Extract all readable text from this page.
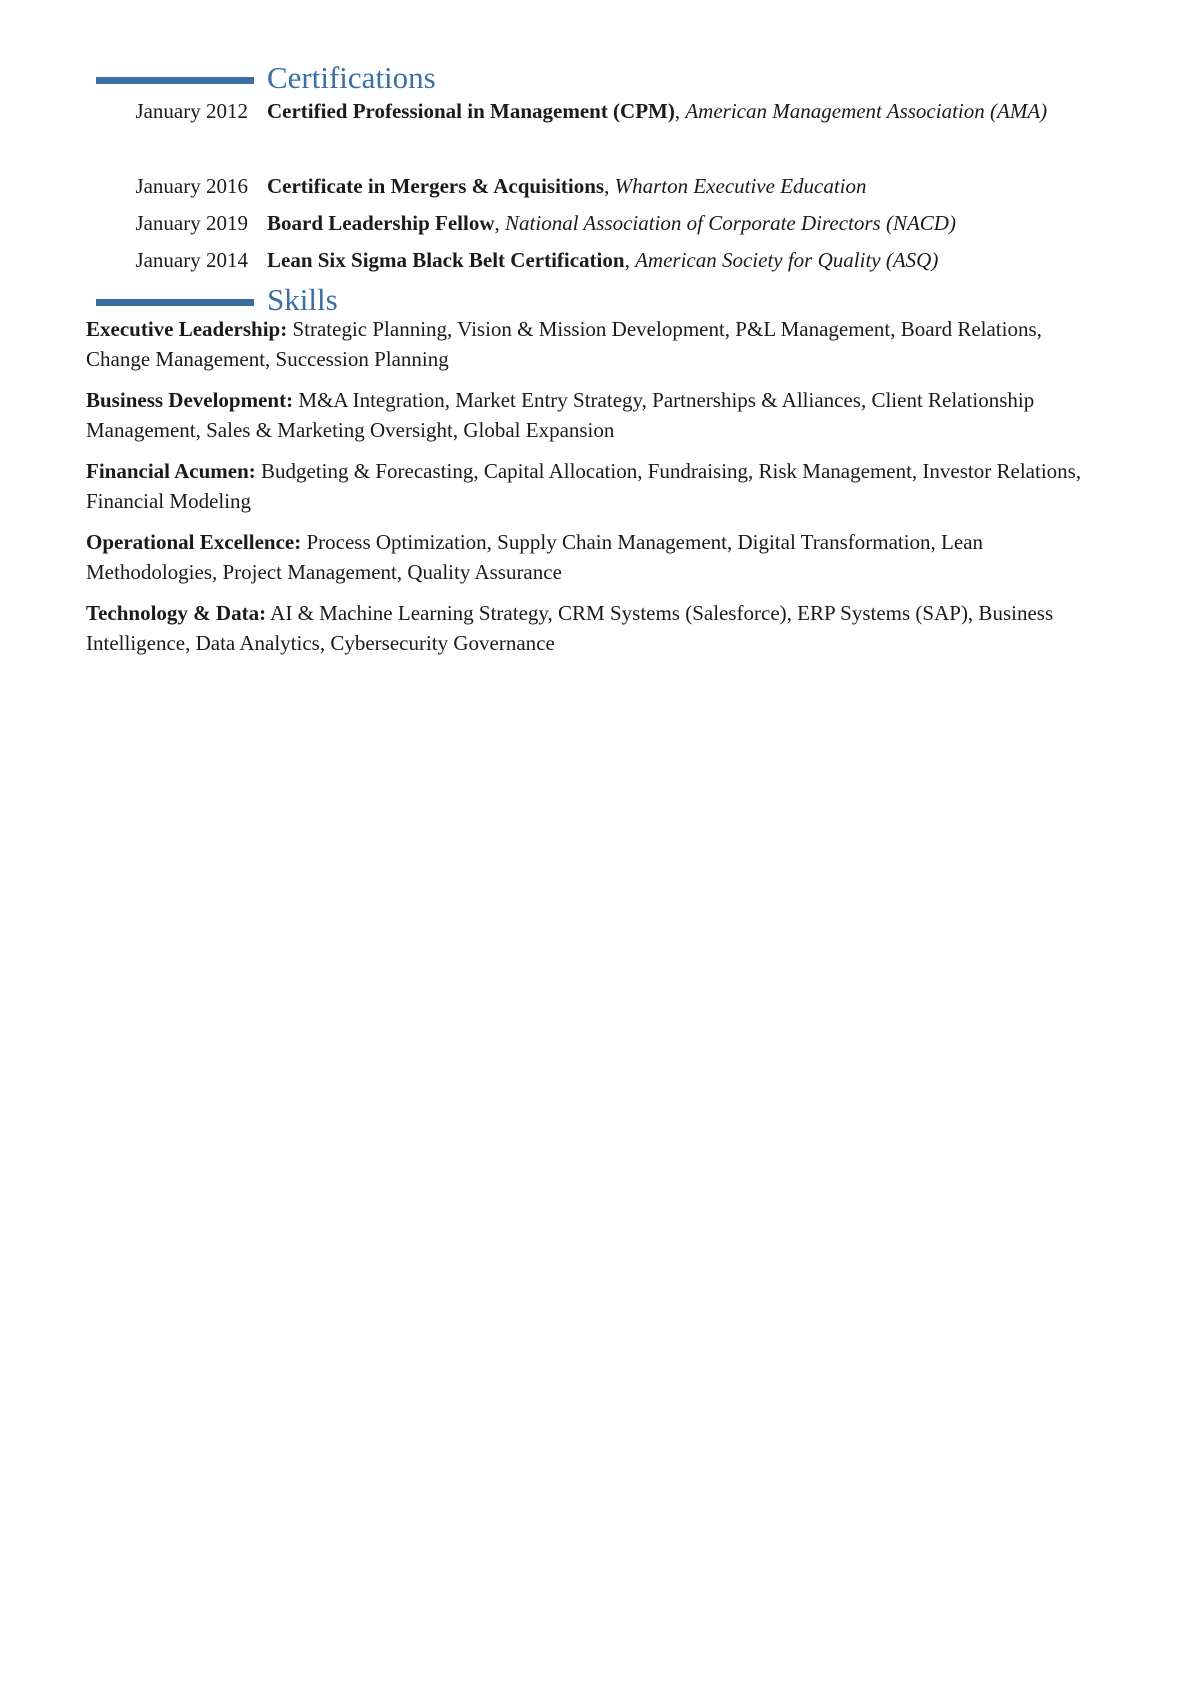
Certifications
January 2012 Certified Professional in Management (CPM), American Management Association (AMA)
January 2016 Certificate in Mergers & Acquisitions, Wharton Executive Education
January 2019 Board Leadership Fellow, National Association of Corporate Directors (NACD)
January 2014 Lean Six Sigma Black Belt Certification, American Society for Quality (ASQ)
Skills
Executive Leadership: Strategic Planning, Vision & Mission Development, P&L Management, Board Relations, Change Management, Succession Planning
Business Development: M&A Integration, Market Entry Strategy, Partnerships & Alliances, Client Relationship Management, Sales & Marketing Oversight, Global Expansion
Financial Acumen: Budgeting & Forecasting, Capital Allocation, Fundraising, Risk Management, Investor Relations, Financial Modeling
Operational Excellence: Process Optimization, Supply Chain Management, Digital Transformation, Lean Methodologies, Project Management, Quality Assurance
Technology & Data: AI & Machine Learning Strategy, CRM Systems (Salesforce), ERP Systems (SAP), Business Intelligence, Data Analytics, Cybersecurity Governance
